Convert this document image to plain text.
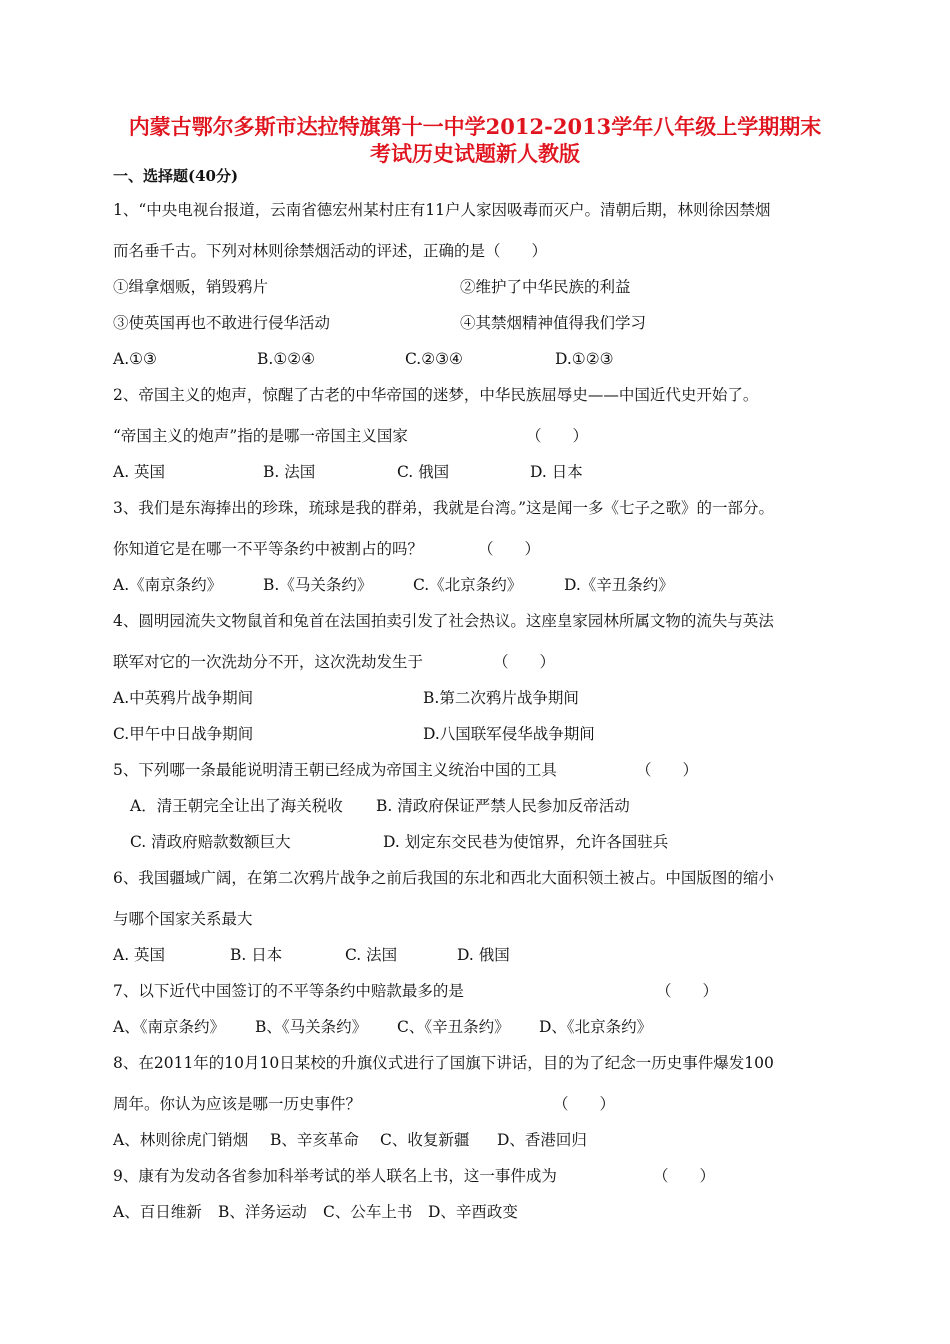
内蒙古鄂尔多斯市达拉特旗第十一中学2012-2013学年八年级上学期期末
考试历史试题新人教版
一、选择题(40分)
1、“中央电视台报道，云南省德宏州某村庄有11户人家因吸毒而灭户。清朝后期，林则徐因禁烟
而名垂千古。下列对林则徐禁烟活动的评述，正确的是（　　）
①缉拿烟贩，销毁鸦片	②维护了中华民族的利益
③使英国再也不敢进行侵华活动	④其禁烟精神值得我们学习
A.①③	B.①②④	C.②③④	D.①②③
2、帝国主义的炮声，惊醒了古老的中华帝国的迷梦，中华民族屈辱史——中国近代史开始了。
“帝国主义的炮声”指的是哪一帝国主义国家	（　　）
A. 英国	B. 法国	C. 俄国	D. 日本
3、我们是东海捧出的珍珠，琉球是我的群弟，我就是台湾。”这是闻一多《七子之歌》的一部分。
你知道它是在哪一不平等条约中被割占的吗？	（　　）
A.《南京条约》	B.《马关条约》	C.《北京条约》	D.《辛丑条约》
4、圆明园流失文物鼠首和兔首在法国拍卖引发了社会热议。这座皇家园林所属文物的流失与英法
联军对它的一次洗劫分不开，这次洗劫发生于	（　　）
A.中英鸦片战争期间	B.第二次鸦片战争期间
C.甲午中日战争期间	D.八国联军侵华战争期间
5、下列哪一条最能说明清王朝已经成为帝国主义统治中国的工具	（　　）
A．清王朝完全让出了海关税收 B. 清政府保证严禁人民参加反帝活动
C. 清政府赔款数额巨大	D. 划定东交民巷为使馆界，允许各国驻兵
6、我国疆域广阔，在第二次鸦片战争之前后我国的东北和西北大面积领土被占。中国版图的缩小
与哪个国家关系最大
A. 英国	B. 日本	C. 法国	D. 俄国
7、以下近代中国签订的不平等条约中赔款最多的是	（　　）
A、《南京条约》 B、《马关条约》 C、《辛丑条约》 D、《北京条约》
8、在2011年的10月10日某校的升旗仪式进行了国旗下讲话，目的为了纪念一历史事件爆发100
周年。你认为应该是哪一历史事件？	（　　）
A、林则徐虎门销烟 B、辛亥革命 C、收复新疆 D、香港回归
9、康有为发动各省参加科举考试的举人联名上书，这一事件成为	（　　）
A、百日维新 B、洋务运动 C、公车上书 D、辛酉政变
